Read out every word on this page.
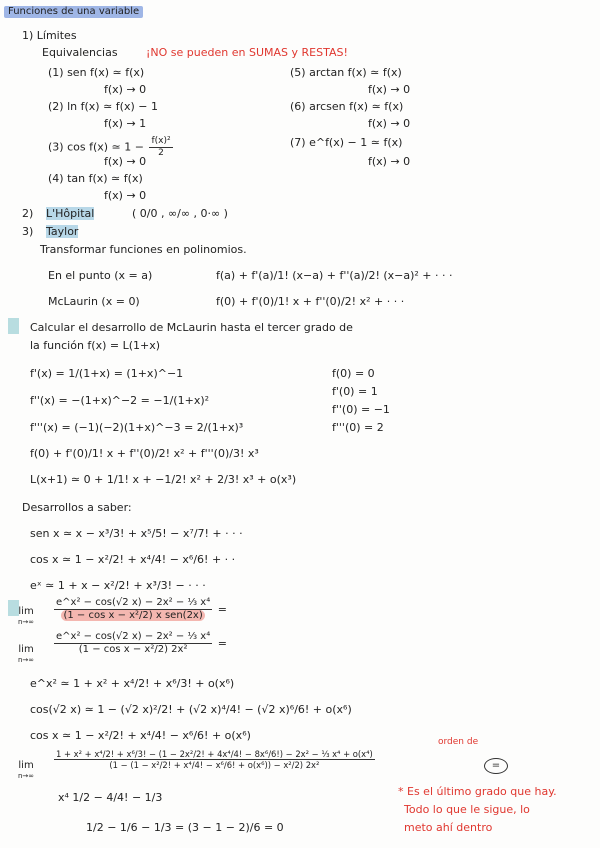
Funciones de una variable
1) Límites
Equivalencias	¡NO se pueden en SUMAS y RESTAS!
(1) sen f(x) ≃ f(x)
f(x) → 0
(2) ln f(x) ≃ f(x) − 1
f(x) → 1
(3) cos f(x) ≃ $1 - \frac{\text{f(x)²}}{2}$
f(x) → 0
(4) tan f(x) ≃ f(x)
f(x) → 0
(5) arctan f(x) ≃ f(x)
f(x) → 0
(6) arcsen f(x) ≃ f(x)
f(x) → 0
(7) e^f(x) − 1 ≃ f(x)
f(x) → 0
2) L'Hôpital	( 0/0 , ∞/∞ , 0·∞ )
3) Taylor
Transformar funciones en polinomios.
En el punto (x = a)	f(a) + f'(a)/1! (x−a) + f''(a)/2! (x−a)² + · · ·
McLaurin (x = 0)	f(0) + f'(0)/1! x + f''(0)/2! x² + · · ·
Calcular el desarrollo de McLaurin hasta el tercer grado de
la función f(x) = L(1+x)
f'(x) = 1/(1+x) = (1+x)^−1
f''(x) = −(1+x)^−2 = −1/(1+x)²
f'''(x) = (−1)(−2)(1+x)^−3 = 2/(1+x)³
f(0) = 0
f'(0) = 1
f''(0) = −1
f'''(0) = 2
f(0) + f'(0)/1! x + f''(0)/2! x² + f'''(0)/3! x³
L(x+1) ≃ 0 + 1/1! x + −1/2! x² + 2/3! x³ + o(x³)
Desarrollos a saber:
sen x ≃ x − x³/3! + x⁵/5! − x⁷/7! + · · ·
cos x ≃ 1 − x²/2! + x⁴/4! − x⁶/6! + · ·
eˣ ≃ 1 + x − x²/2! + x³/3! − · · ·
lim
n→∞
$\frac{\text{e\textasciicircum{}x² − cos(√2 x) − 2x² − ⅓ x⁴}}{\text{(1 − cos x − x²/2) x sen(2x)}}$ =
lim
n→∞
$\frac{\text{e\textasciicircum{}x² − cos(√2 x) − 2x² − ⅓ x⁴}}{\text{(1 − cos x − x²/2) 2x²}}$ =
e^x² ≃ 1 + x² + x⁴/2! + x⁶/3! + o(x⁶)
cos(√2 x) ≃ 1 − (√2 x)²/2! + (√2 x)⁴/4! − (√2 x)⁶/6! + o(x⁶)
cos x ≃ 1 − x²/2! + x⁴/4! − x⁶/6! + o(x⁶)	orden de
lim
n→∞
1 + x² + x⁴/2! + x⁶/3! − (1 − 2x²/2! + 4x⁴/4! − 8x⁶/6!) − 2x² − ⅓ x⁴ + o(x⁴)
(1 − (1 − x²/2! + x⁴/4! − x⁶/6! + o(x⁶)) − x²/2) 2x²	=
x⁴ 1/2 − 4/4! − 1/3
1/2 − 1/6 − 1/3 = (3 − 1 − 2)/6 = 0
* Es el último grado que hay.
Todo lo que le sigue, lo
meto ahí dentro
